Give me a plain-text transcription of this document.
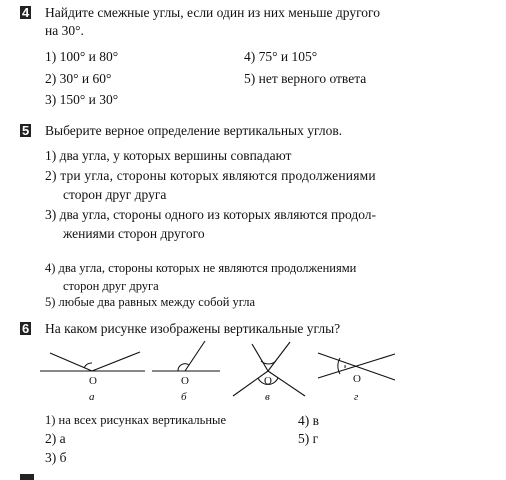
4 Найдите смежные углы, если один из них меньше другого
на 30°.
1) 100° и 80°
2) 30° и 60°
3) 150° и 30°
4) 75° и 105°
5) нет верного ответа
5 Выберите верное определение вертикальных углов.
1) два угла, у которых вершины совпадают
2) три угла, стороны которых являются продолжениями
сторон друг друга
3) два угла, стороны одного из которых являются продол-
жениями сторон другого
4) два угла, стороны которых не являются продолжениями
сторон друг друга
5) любые два равных между собой угла
6 На каком рисунке изображены вертикальные углы?
O	O	O	O
а	б	в	г
1) на всех рисунках вертикальные
2) а
3) б
4) в
5) г
